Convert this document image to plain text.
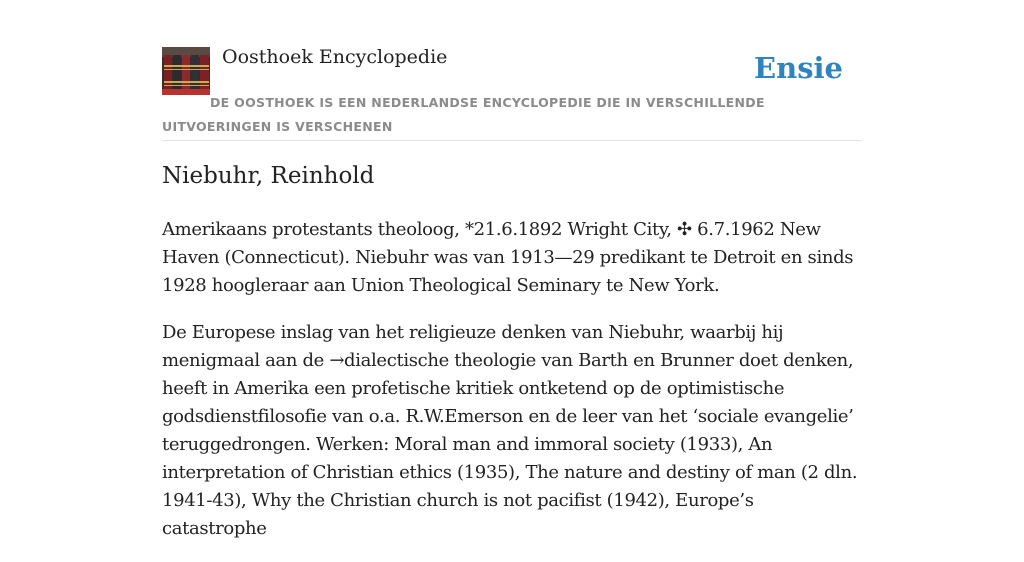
Oosthoek Encyclopedie	Ensie
DE OOSTHOEK IS EEN NEDERLANDSE ENCYCLOPEDIE DIE IN VERSCHILLENDE UITVOERINGEN IS VERSCHENEN
Niebuhr, Reinhold

Amerikaans protestants theoloog, *21.6.1892 Wright City, ✣ 6.7.1962 New Haven (Connecticut). Niebuhr was van 1913—29 predikant te Detroit en sinds 1928 hoogleraar aan Union Theological Seminary te New York.

De Europese inslag van het religieuze denken van Niebuhr, waarbij hij menigmaal aan de →dialectische theologie van Barth en Brunner doet denken, heeft in Amerika een profetische kritiek ontketend op de optimistische godsdienstfilosofie van o.a. R.W.Emerson en de leer van het ‘sociale evangelie’ teruggedrongen. Werken: Moral man and immoral society (1933), An interpretation of Christian ethics (1935), The nature and destiny of man (2 dln. 1941-43), Why the Christian church is not pacifist (1942), Europe’s catastrophe
